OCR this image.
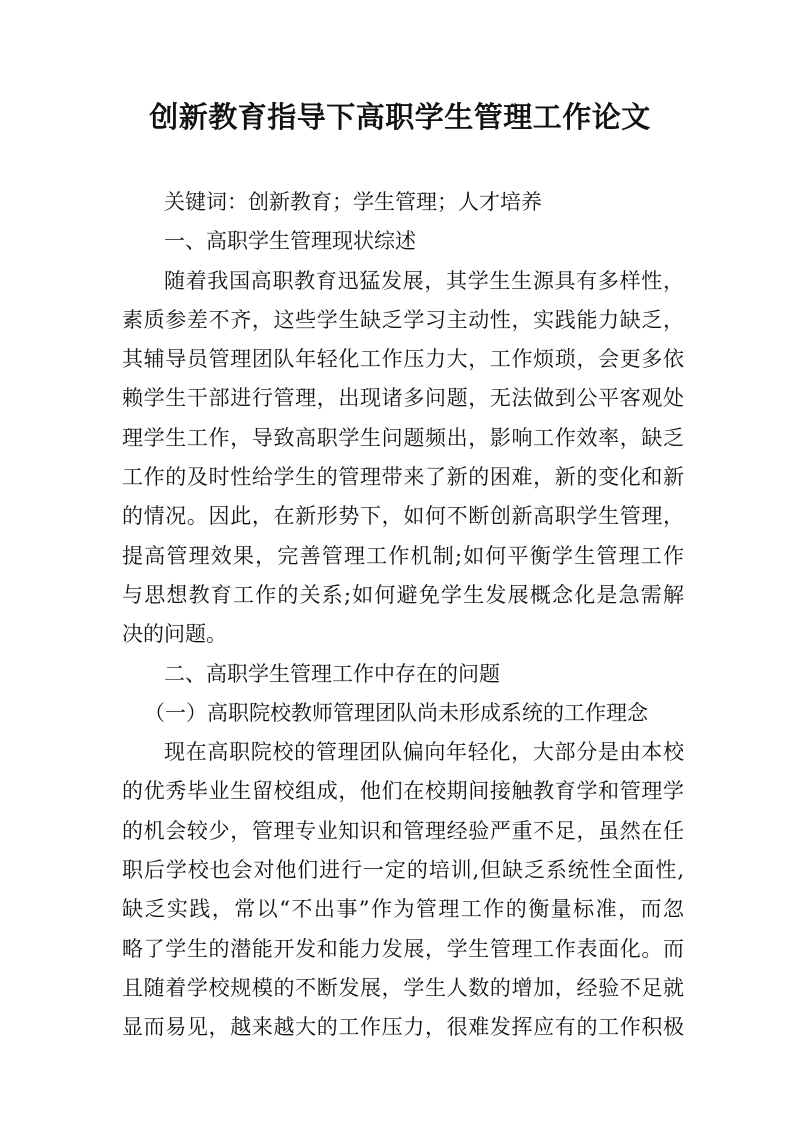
创新教育指导下高职学生管理工作论文

关键词：创新教育；学生管理；人才培养

一、高职学生管理现状综述

随着我国高职教育迅猛发展，其学生生源具有多样性，

素质参差不齐，这些学生缺乏学习主动性，实践能力缺乏，

其辅导员管理团队年轻化工作压力大，工作烦琐，会更多依

赖学生干部进行管理，出现诸多问题，无法做到公平客观处

理学生工作，导致高职学生问题频出，影响工作效率，缺乏

工作的及时性给学生的管理带来了新的困难，新的变化和新

的情况。因此，在新形势下，如何不断创新高职学生管理，

提高管理效果，完善管理工作机制;如何平衡学生管理工作

与思想教育工作的关系;如何避免学生发展概念化是急需解

决的问题。

二、高职学生管理工作中存在的问题

（一）高职院校教师管理团队尚未形成系统的工作理念

现在高职院校的管理团队偏向年轻化，大部分是由本校

的优秀毕业生留校组成，他们在校期间接触教育学和管理学

的机会较少，管理专业知识和管理经验严重不足，虽然在任

职后学校也会对他们进行一定的培训,但缺乏系统性全面性,

缺乏实践，常以“不出事”作为管理工作的衡量标准，而忽

略了学生的潜能开发和能力发展，学生管理工作表面化。而

且随着学校规模的不断发展，学生人数的增加，经验不足就

显而易见，越来越大的工作压力，很难发挥应有的工作积极
